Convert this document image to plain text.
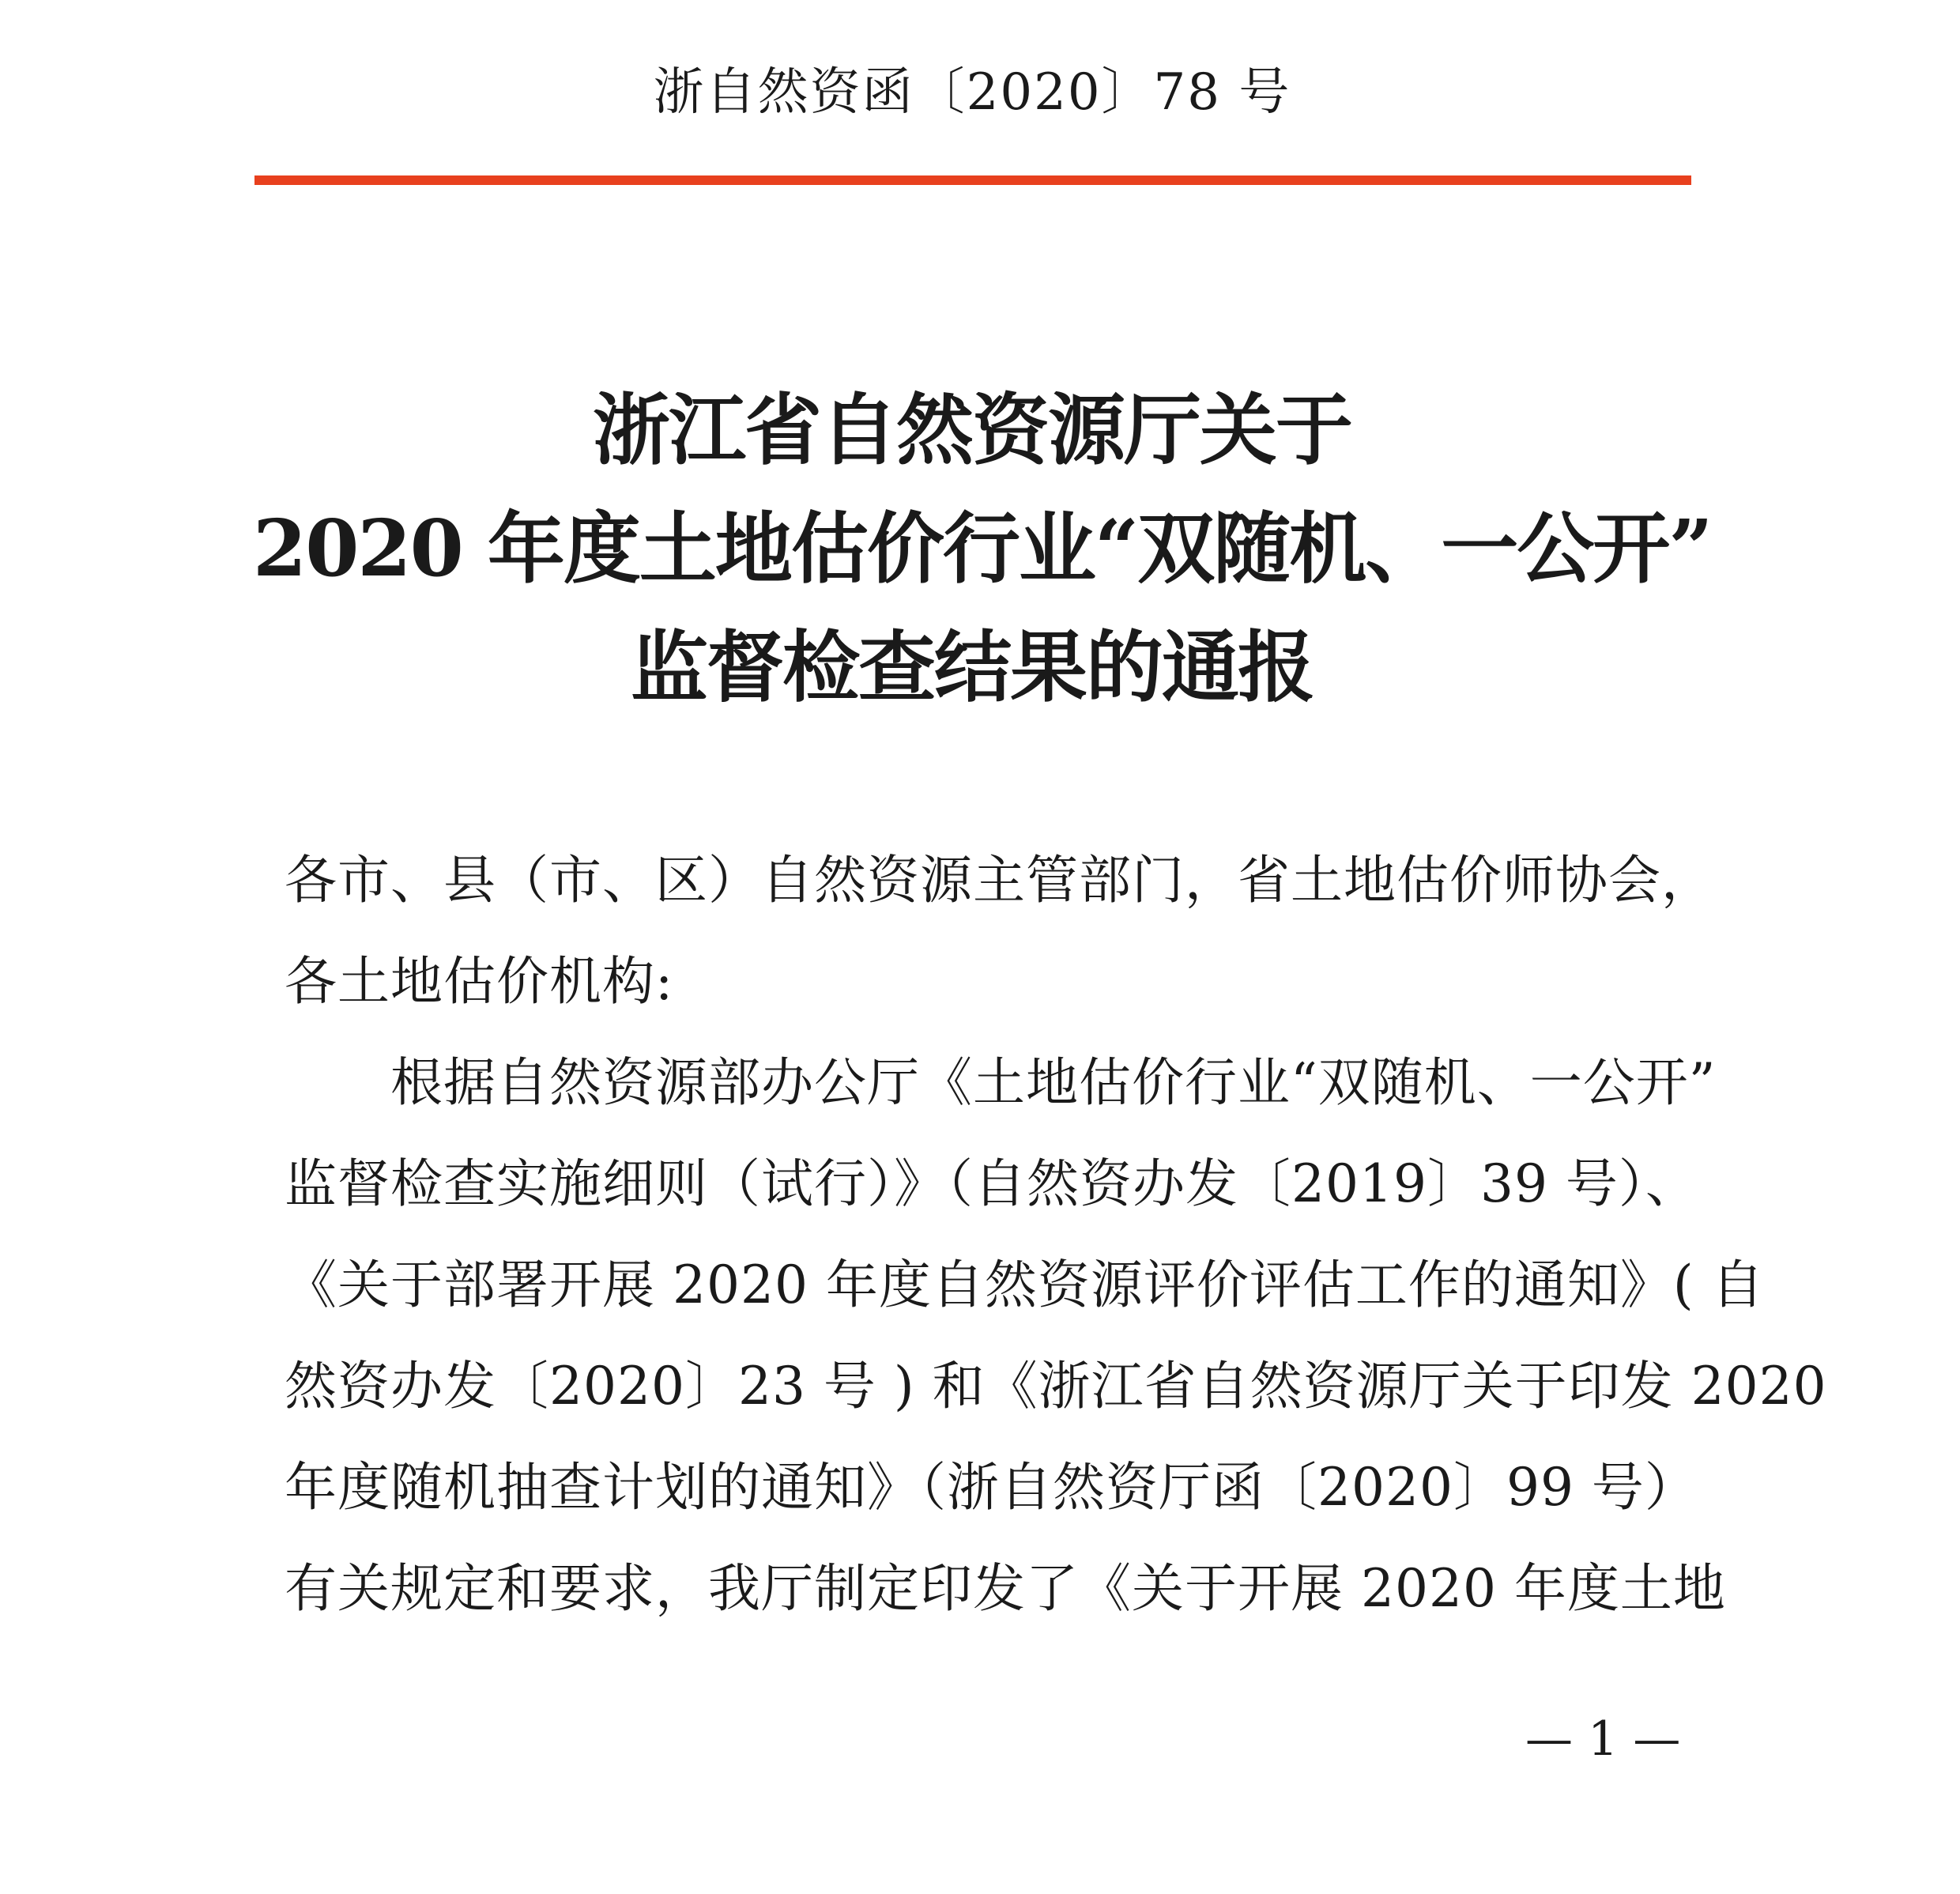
浙自然资函〔2020〕78 号
浙江省自然资源厅关于
2020 年度土地估价行业“双随机、一公开”
监督检查结果的通报
各市、县（市、区）自然资源主管部门，省土地估价师协会，
各土地估价机构:
　　根据自然资源部办公厅《土地估价行业“双随机、一公开”
监督检查实施细则（试行）》（自然资办发〔2019〕39 号）、
《关于部署开展 2020 年度自然资源评价评估工作的通知》( 自
然资办发〔2020〕23 号 ) 和《浙江省自然资源厅关于印发 2020
年度随机抽查计划的通知》（浙自然资厅函〔2020〕99 号）
有关规定和要求，我厅制定印发了《关于开展 2020 年度土地
— 1 —
